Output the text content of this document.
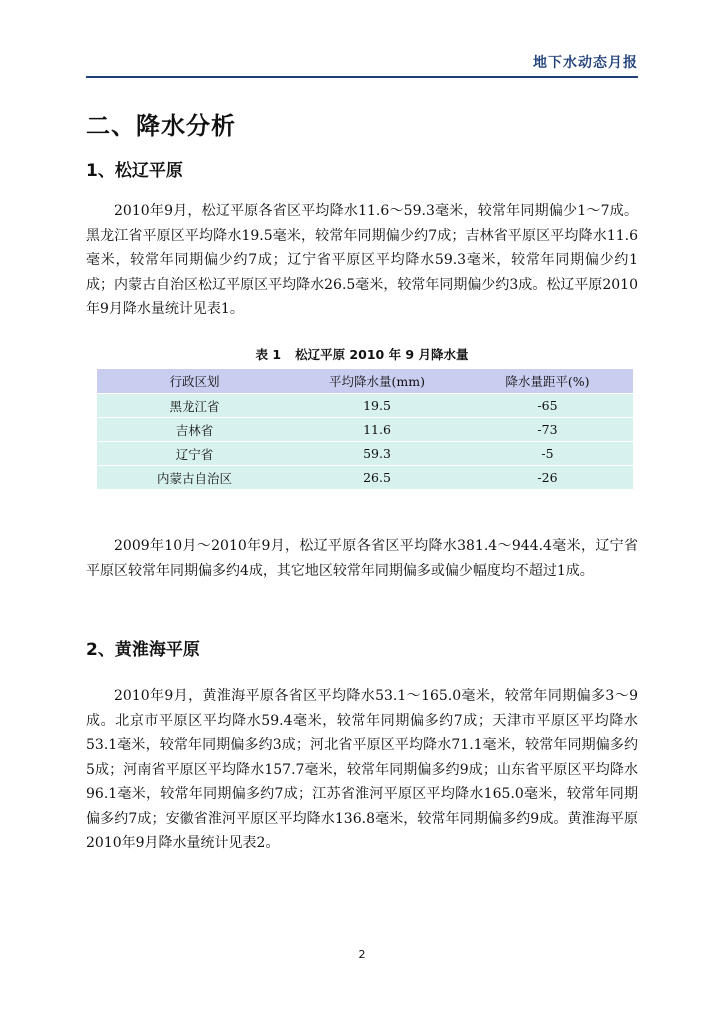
地下水动态月报
二、降水分析
1、松辽平原

2010年9月，松辽平原各省区平均降水11.6～59.3毫米，较常年同期偏少1～7成。黑龙江省平原区平均降水19.5毫米，较常年同期偏少约7成；吉林省平原区平均降水11.6毫米，较常年同期偏少约7成；辽宁省平原区平均降水59.3毫米，较常年同期偏少约1成；内蒙古自治区松辽平原区平均降水26.5毫米，较常年同期偏少约3成。松辽平原2010年9月降水量统计见表1。

表 1 松辽平原 2010 年 9 月降水量
行政区划	平均降水量(mm)	降水量距平(%)
黑龙江省	19.5	-65
吉林省	11.6	-73
辽宁省	59.3	-5
内蒙古自治区	26.5	-26

2009年10月～2010年9月，松辽平原各省区平均降水381.4～944.4毫米，辽宁省平原区较常年同期偏多约4成，其它地区较常年同期偏多或偏少幅度均不超过1成。

2、黄淮海平原

2010年9月，黄淮海平原各省区平均降水53.1～165.0毫米，较常年同期偏多3～9成。北京市平原区平均降水59.4毫米，较常年同期偏多约7成；天津市平原区平均降水53.1毫米，较常年同期偏多约3成；河北省平原区平均降水71.1毫米，较常年同期偏多约5成；河南省平原区平均降水157.7毫米，较常年同期偏多约9成；山东省平原区平均降水96.1毫米，较常年同期偏多约7成；江苏省淮河平原区平均降水165.0毫米，较常年同期偏多约7成；安徽省淮河平原区平均降水136.8毫米，较常年同期偏多约9成。黄淮海平原2010年9月降水量统计见表2。

2
